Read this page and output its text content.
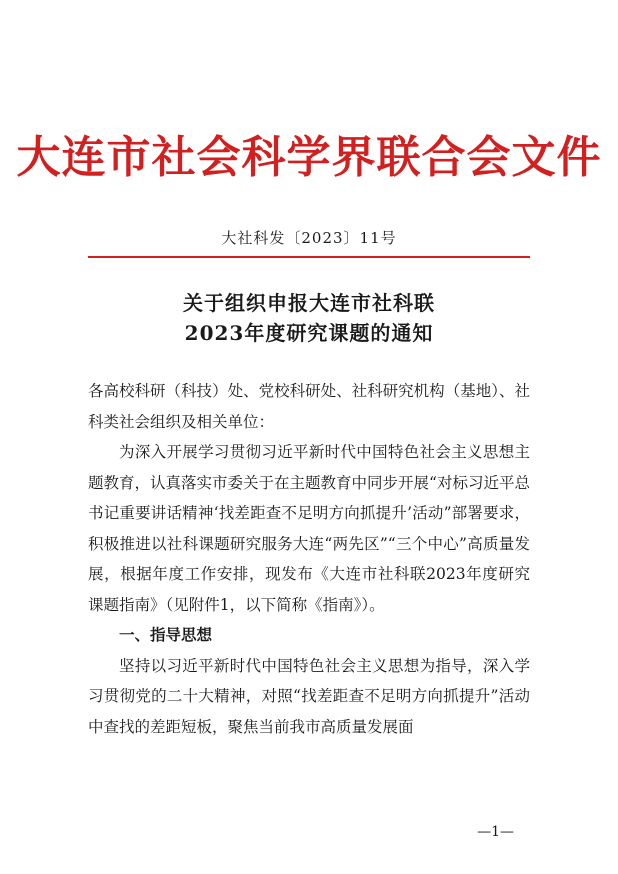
大连市社会科学界联合会文件
大社科发〔2023〕11号
关于组织申报大连市社科联
2023年度研究课题的通知

各高校科研（科技）处、党校科研处、社科研究机构（基地）、社科类社会组织及相关单位：

为深入开展学习贯彻习近平新时代中国特色社会主义思想主题教育，认真落实市委关于在主题教育中同步开展“对标习近平总书记重要讲话精神‘找差距查不足明方向抓提升’活动”部署要求，积极推进以社科课题研究服务大连“两先区”“三个中心”高质量发展，根据年度工作安排，现发布《大连市社科联2023年度研究课题指南》（见附件1，以下简称《指南》）。

一、指导思想

坚持以习近平新时代中国特色社会主义思想为指导，深入学习贯彻党的二十大精神，对照“找差距查不足明方向抓提升”活动中查找的差距短板，聚焦当前我市高质量发展面

—1—
